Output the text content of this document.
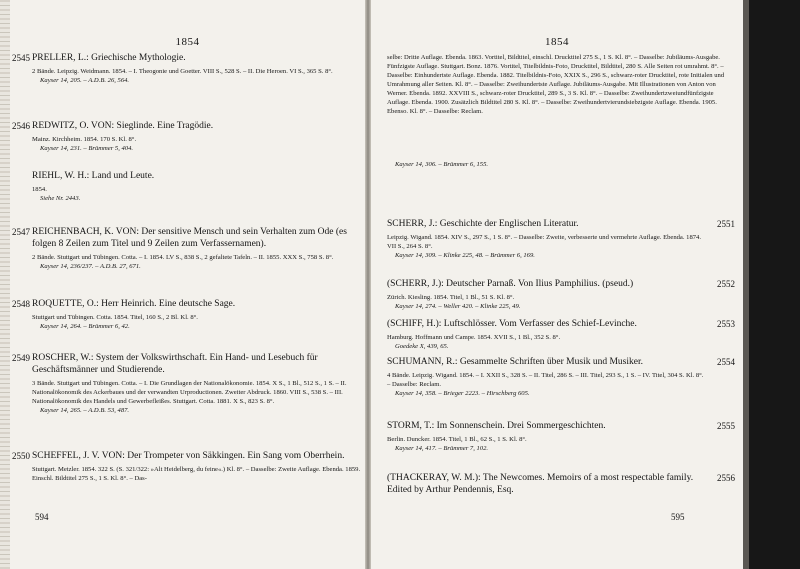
1854
2545 PRELLER, L.: Griechische Mythologie.
2 Bände. Leipzig. Weidmann. 1854. – I. Theogonie und Goetter. VIII S., 528 S. – II. Die Heroen. VI S., 365 S. 8°.
Kayser 14, 205. – A.D.B. 26, 564.
2546 REDWITZ, O. VON: Sieglinde. Eine Tragödie.
Mainz. Kirchheim. 1854. 170 S. Kl. 8°.
Kayser 14, 231. – Brümmer 5, 404.
RIEHL, W. H.: Land und Leute.
1854.
Siehe Nr. 2443.
2547 REICHENBACH, K. VON: Der sensitive Mensch und sein Verhalten zum Ode (es folgen 8 Zeilen zum Titel und 9 Zeilen zum Verfassernamen).
2 Bände. Stuttgart und Tübingen. Cotta. – I. 1854. LV S., 838 S., 2 gefaltete Tafeln. – II. 1855. XXX S., 758 S. 8°.
Kayser 14, 236/237. – A.D.B. 27, 671.
2548 ROQUETTE, O.: Herr Heinrich. Eine deutsche Sage.
Stuttgart und Tübingen. Cotta. 1854. Titel, 160 S., 2 Bl. Kl. 8°.
Kayser 14, 264. – Brümmer 6, 42.
2549 ROSCHER, W.: System der Volkswirthschaft. Ein Hand- und Lesebuch für Geschäftsmänner und Studierende.
3 Bände. Stuttgart und Tübingen. Cotta. – I. Die Grundlagen der Nationalökonomie. 1854. X S., 1 Bl., 512 S., 1 S. – II. Nationalökonomik des Ackerbaues und der verwandten Urproductionen. Zweiter Abdruck. 1860. VIII S., 538 S. – III. Nationalökonomik des Handels und Gewerbefleißes. Stuttgart. Cotta. 1881. X S., 823 S. 8°.
Kayser 14, 265. – A.D.B. 53, 487.
2550 SCHEFFEL, J. V. VON: Der Trompeter von Säkkingen. Ein Sang vom Oberrhein.
Stuttgart. Metzler. 1854. 322 S. (S. 321/322: »Alt Heidelberg, du feine«.) Kl. 8°. – Dasselbe: Zweite Auflage. Ebenda. 1859. Einschl. Bildtitel 275 S., 1 S. Kl. 8°. – Das-
594
1854
selbe: Dritte Auflage. Ebenda. 1863. Vortitel, Bildtitel, einschl. Drucktitel 275 S., 1 S. Kl. 8°. – Dasselbe: Jubiläums-Ausgabe. Fünfzigste Auflage. Stuttgart. Bonz. 1876. Vortitel, Titelbildnis-Foto, Drucktitel, Bildtitel, 280 S. Alle Seiten rot umrahmt. 8°. – Dasselbe: Einhundertste Auflage. Ebenda. 1882. Titelbildnis-Foto, XXIX S., 296 S., schwarz-roter Drucktitel, rote Initialen und Umrahmung aller Seiten. Kl. 8°. – Dasselbe: Zweihundertste Auflage. Jubiläums-Ausgabe. Mit Illustrationen von Anton von Werner. Ebenda. 1892. XXVIII S., schwarz-roter Drucktitel, 289 S., 3 S. Kl. 8°. – Dasselbe: Zweihundertzweiundfünfzigste Auflage. Ebenda. 1900. Zusätzlich Bildtitel 280 S. Kl. 8°. – Dasselbe: Zweihundertvierundsiebzigste Auflage. Ebenda. 1905. Ebenso. Kl. 8°. – Dasselbe: Reclam.
Kayser 14, 306. – Brümmer 6, 155.
2551
SCHERR, J.: Geschichte der Englischen Literatur.
Leipzig. Wigand. 1854. XIV S., 297 S., 1 S. 8°. – Dasselbe: Zweite, verbesserte und vermehrte Auflage. Ebenda. 1874. VII S., 264 S. 8°.
Kayser 14, 309. – Klinke 225, 48. – Brümmer 6, 169.
2552
(SCHERR, J.): Deutscher Parnaß. Von Ilius Pamphilius. (pseud.)
Zürich. Kiesling. 1854. Titel, 1 Bl., 51 S. Kl. 8°.
Kayser 14, 274. – Weller 420. – Klinke 225, 49.
2553
(SCHIFF, H.): Luftschlösser. Vom Verfasser des Schief-Levinche.
Hamburg. Hoffmann und Campe. 1854. XVII S., 1 Bl., 352 S. 8°.
Goedeke X, 439, 65.
2554
SCHUMANN, R.: Gesammelte Schriften über Musik und Musiker.
4 Bände. Leipzig. Wigand. 1854. – I. XXII S., 328 S. – II. Titel, 286 S. – III. Titel, 293 S., 1 S. – IV. Titel, 304 S. Kl. 8°. – Dasselbe: Reclam.
Kayser 14, 358. – Brieger 2223. – Hirschberg 605.
2555
STORM, T.: Im Sonnenschein. Drei Sommergeschichten.
Berlin. Duncker. 1854. Titel, 1 Bl., 62 S., 1 S. Kl. 8°.
Kayser 14, 417. – Brümmer 7, 102.
2556
(THACKERAY, W. M.): The Newcomes. Memoirs of a most respectable family. Edited by Arthur Pendennis, Esq.
595
